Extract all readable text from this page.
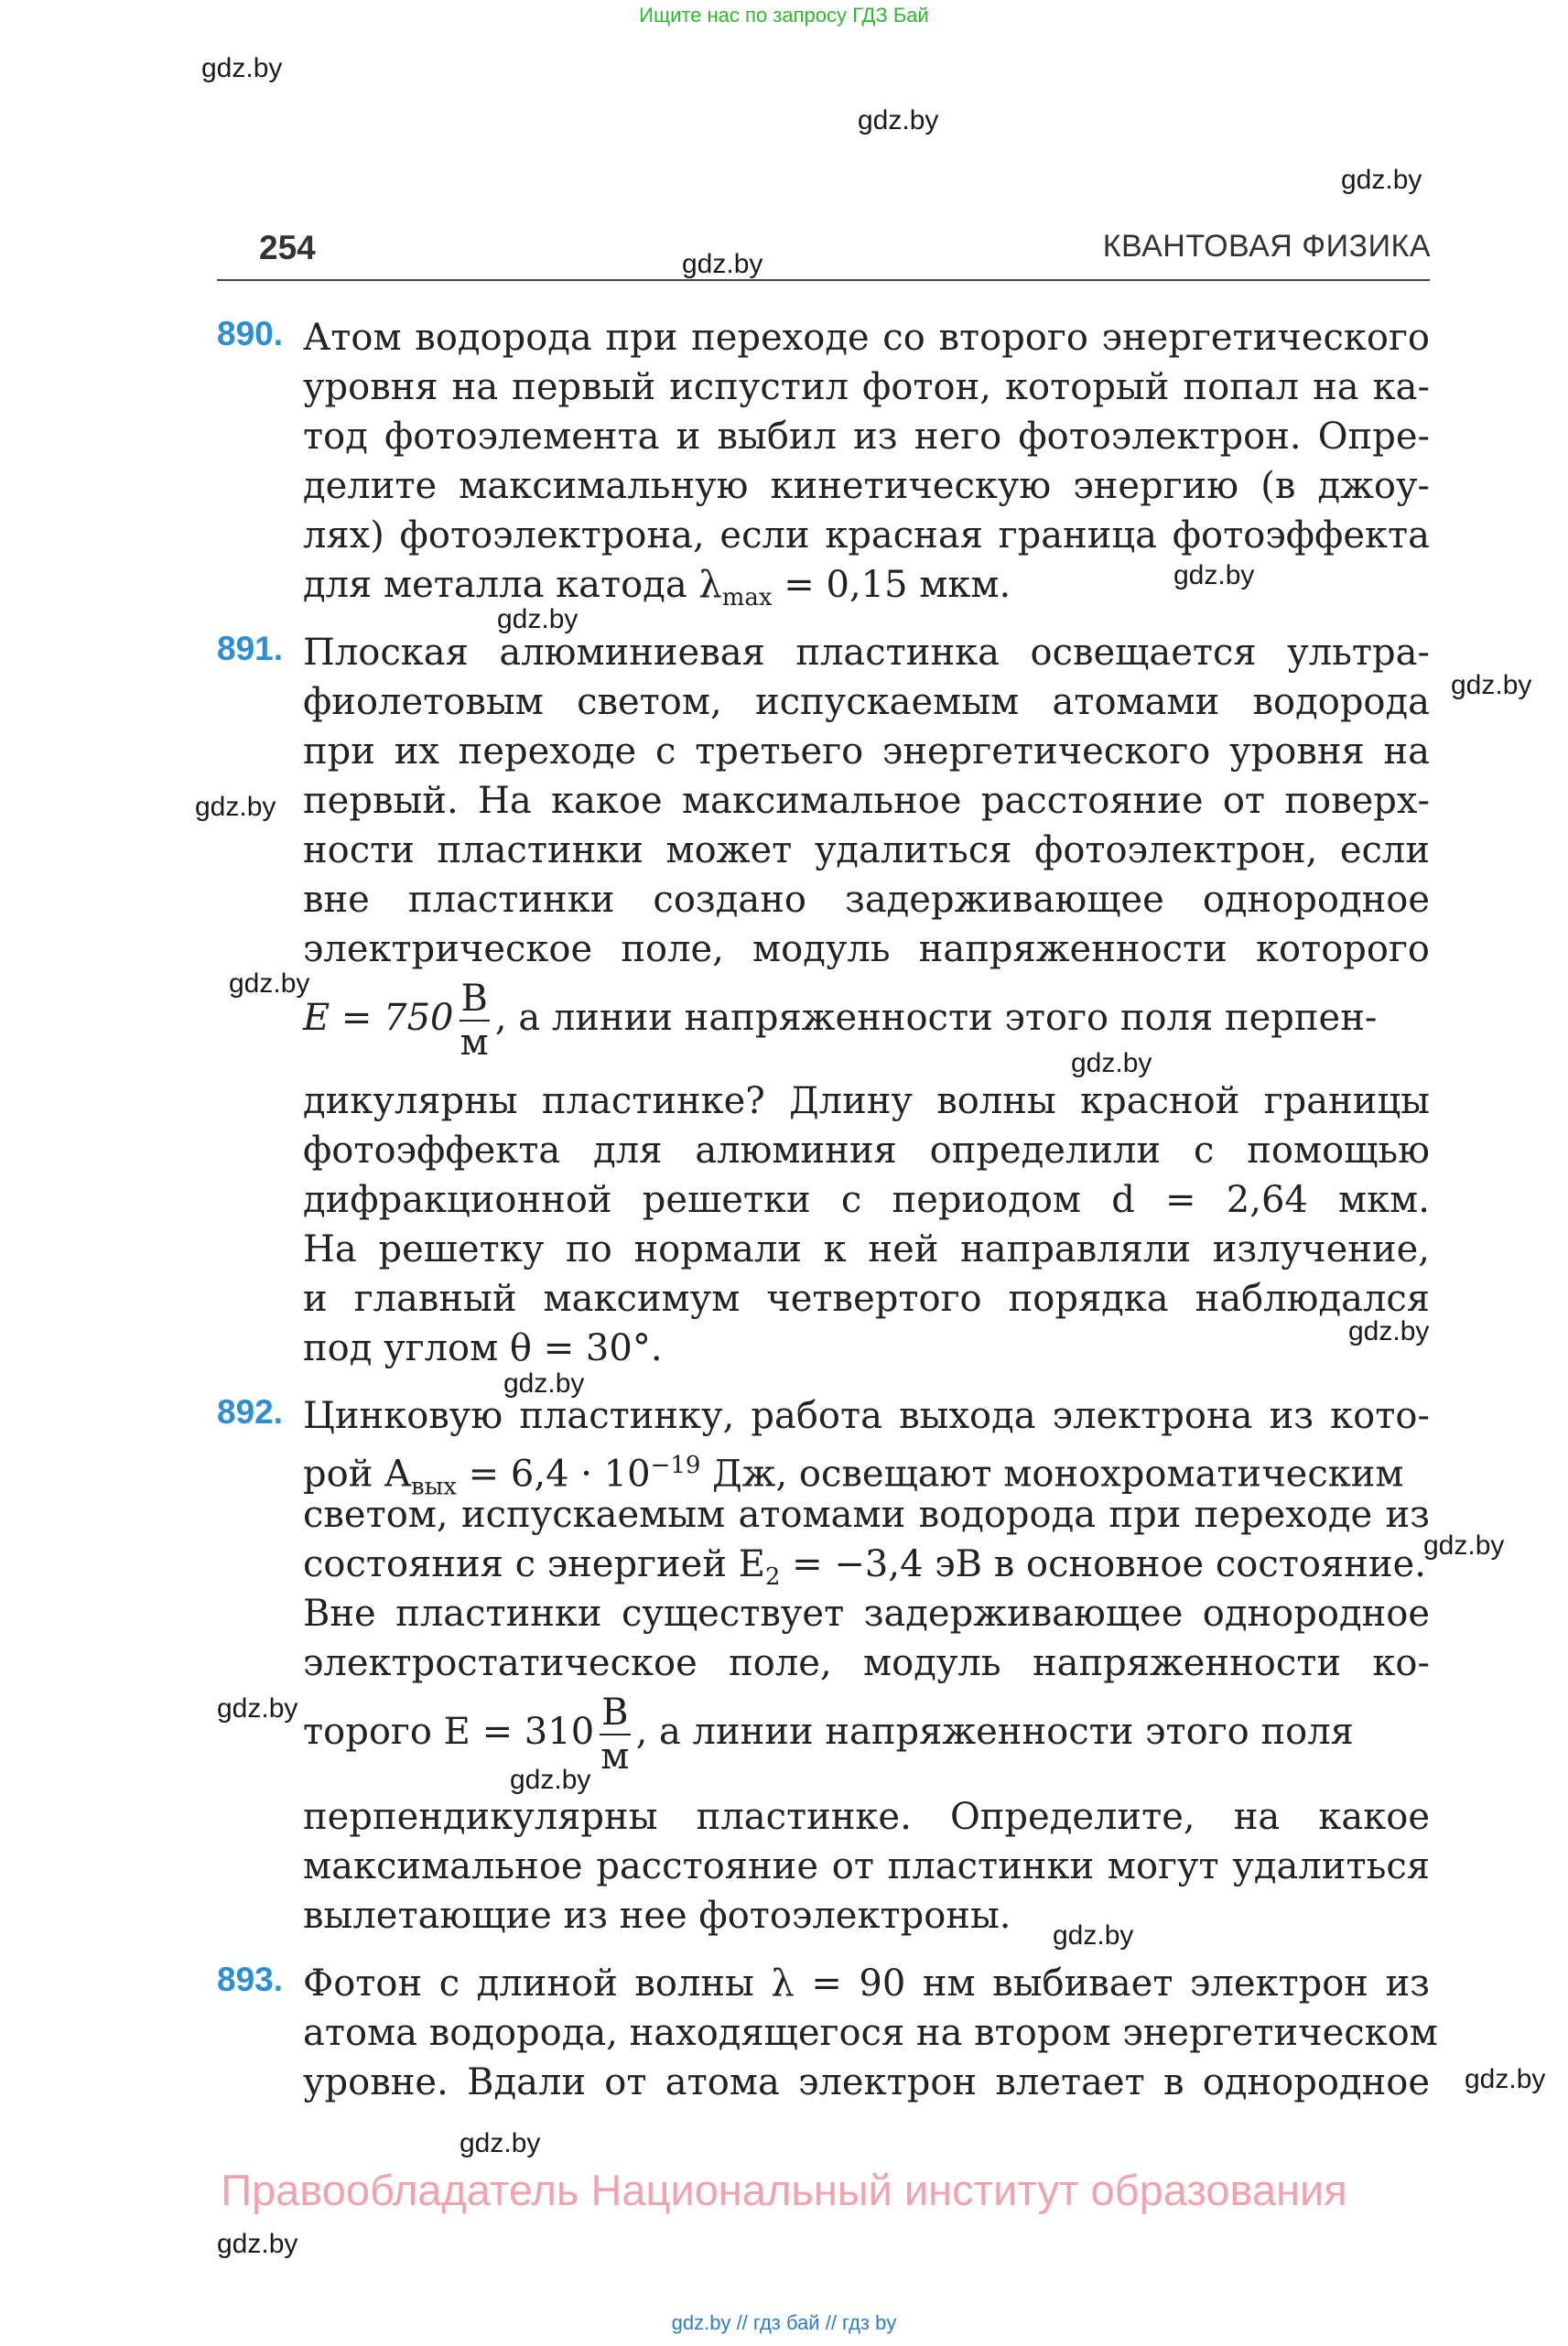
Ищите нас по запросу ГДЗ Бай
gdz.by
gdz.by
gdz.by
gdz.by
gdz.by
gdz.by
gdz.by
gdz.by
gdz.by
gdz.by
gdz.by
gdz.by
gdz.by
gdz.by
gdz.by
gdz.by
gdz.by
gdz.by
gdz.by
254	КВАНТОВАЯ ФИЗИКА
890. Атом водорода при переходе со второго энергетического
уровня на первый испустил фотон, который попал на ка-
тод фотоэлемента и выбил из него фотоэлектрон. Опре-
делите максимальную кинетическую энергию (в джоу-
лях) фотоэлектрона, если красная граница фотоэффекта
для металла катода $\lambda_{max} = 0,15$ мкм.
891. Плоская алюминиевая пластинка освещается ультра-
фиолетовым светом, испускаемым атомами водорода
при их переходе с третьего энергетического уровня на
первый. На какое максимальное расстояние от поверх-
ности пластинки может удалиться фотоэлектрон, если
вне пластинки создано задерживающее однородное
электрическое поле, модуль напряженности которого
$E = 750 \frac{В}{м}$ , а линии напряженности этого поля перпен-
дикулярны пластинке? Длину волны красной границы
фотоэффекта для алюминия определили с помощью
дифракционной решетки с периодом d = 2,64 мкм.
На решетку по нормали к ней направляли излучение,
и главный максимум четвертого порядка наблюдался
под углом θ = 30°.
892. Цинковую пластинку, работа выхода электрона из кото-
рой $A_{вых} = 6,4 \cdot 10^{-19}$ Дж, освещают монохроматическим
светом, испускаемым атомами водорода при переходе из
состояния с энергией $E_2 = -3,4$ эВ в основное состояние.
Вне пластинки существует задерживающее однородное
электростатическое поле, модуль напряженности ко-
торого $E = 310 \frac{В}{м}$ , а линии напряженности этого поля
перпендикулярны пластинке. Определите, на какое
максимальное расстояние от пластинки могут удалиться
вылетающие из нее фотоэлектроны.
893. Фотон с длиной волны λ = 90 нм выбивает электрон из
атома водорода, находящегося на втором энергетическом
уровне. Вдали от атома электрон влетает в однородное
Правообладатель Национальный институт образования
gdz.by // гдз бай // гдз by
